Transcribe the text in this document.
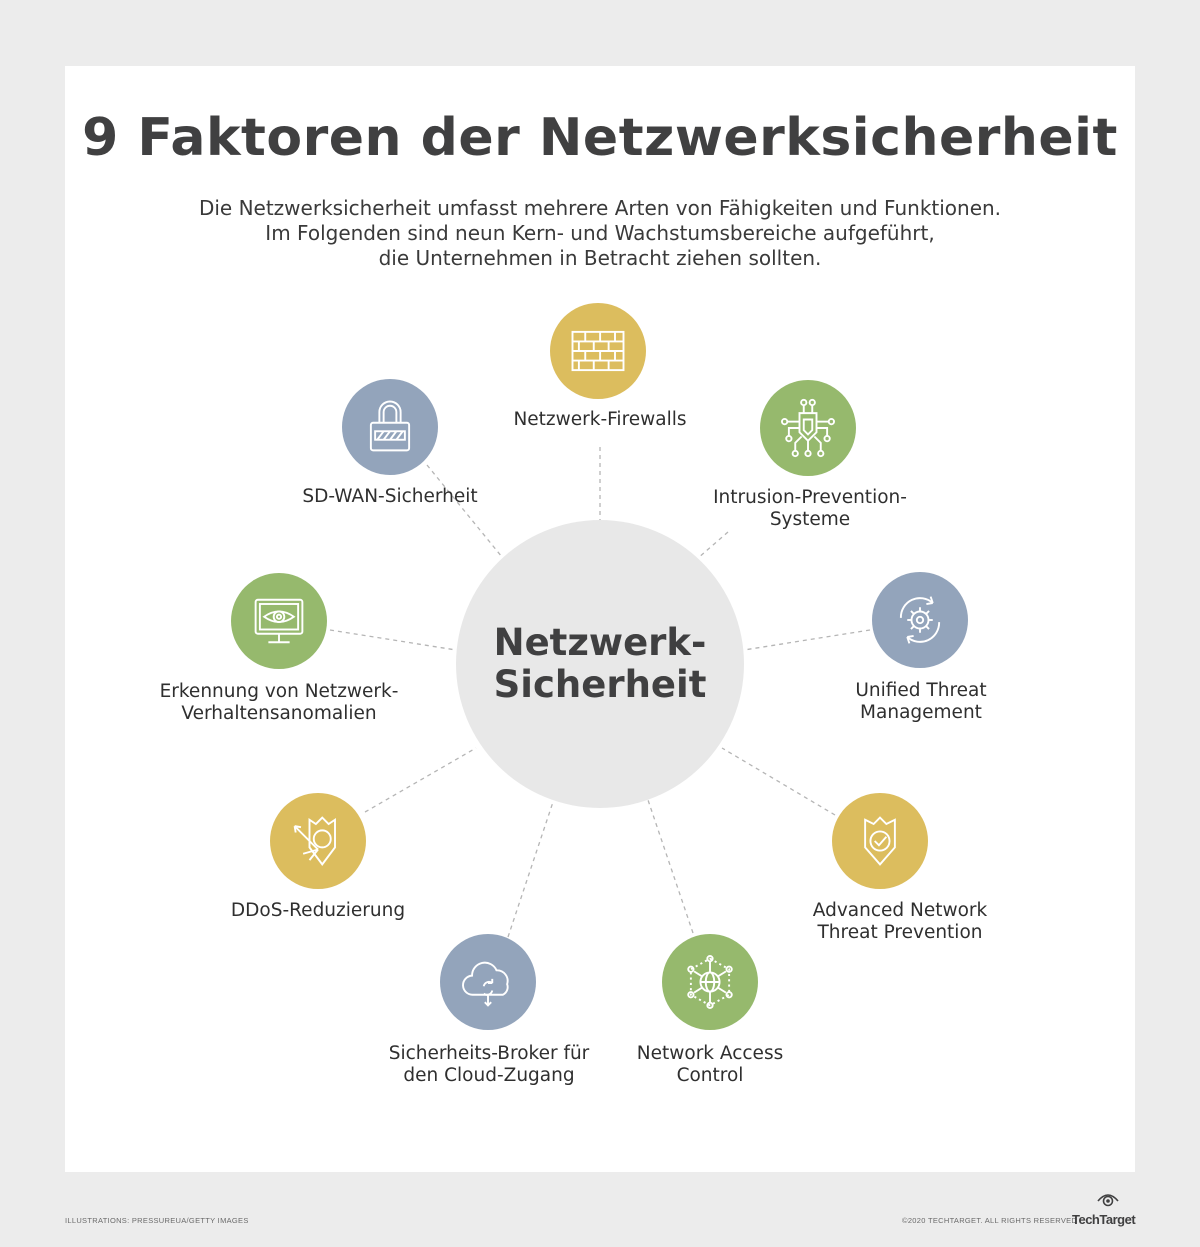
9 Faktoren der Netzwerksicherheit
Die Netzwerksicherheit umfasst mehrere Arten von Fähigkeiten und Funktionen.
Im Folgenden sind neun Kern- und Wachstumsbereiche aufgeführt,
die Unternehmen in Betracht ziehen sollten.
Netzwerk-
Sicherheit
Netzwerk-Firewalls
Intrusion-Prevention-
Systeme
Unified Threat
Management
Advanced Network
Threat Prevention
Network Access
Control
Sicherheits-Broker für
den Cloud-Zugang
DDoS-Reduzierung
Erkennung von Netzwerk-
Verhaltensanomalien
SD-WAN-Sicherheit
ILLUSTRATIONS: PRESSUREUA/GETTY IMAGES	©2020 TECHTARGET. ALL RIGHTS RESERVED
TechTarget
